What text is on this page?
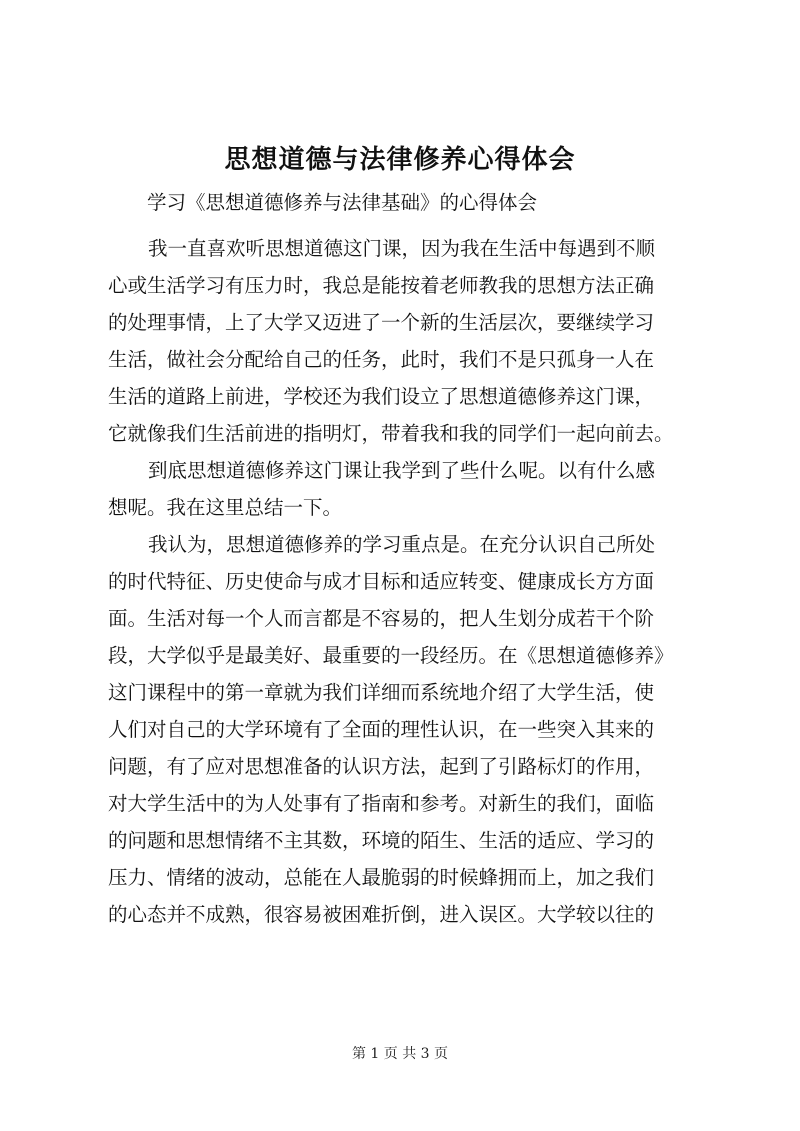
思想道德与法律修养心得体会
学习《思想道德修养与法律基础》的心得体会

我一直喜欢听思想道德这门课，因为我在生活中每遇到不顺
心或生活学习有压力时，我总是能按着老师教我的思想方法正确
的处理事情，上了大学又迈进了一个新的生活层次，要继续学习
生活，做社会分配给自己的任务，此时，我们不是只孤身一人在
生活的道路上前进，学校还为我们设立了思想道德修养这门课，
它就像我们生活前进的指明灯，带着我和我的同学们一起向前去。

到底思想道德修养这门课让我学到了些什么呢。以有什么感
想呢。我在这里总结一下。

我认为，思想道德修养的学习重点是。在充分认识自己所处
的时代特征、历史使命与成才目标和适应转变、健康成长方方面
面。生活对每一个人而言都是不容易的，把人生划分成若干个阶
段，大学似乎是最美好、最重要的一段经历。在《思想道德修养》
这门课程中的第一章就为我们详细而系统地介绍了大学生活，使
人们对自己的大学环境有了全面的理性认识，在一些突入其来的
问题，有了应对思想准备的认识方法，起到了引路标灯的作用，
对大学生活中的为人处事有了指南和参考。对新生的我们，面临
的问题和思想情绪不主其数，环境的陌生、生活的适应、学习的
压力、情绪的波动，总能在人最脆弱的时候蜂拥而上，加之我们
的心态并不成熟，很容易被困难折倒，进入误区。大学较以往的

第 1 页 共 3 页
